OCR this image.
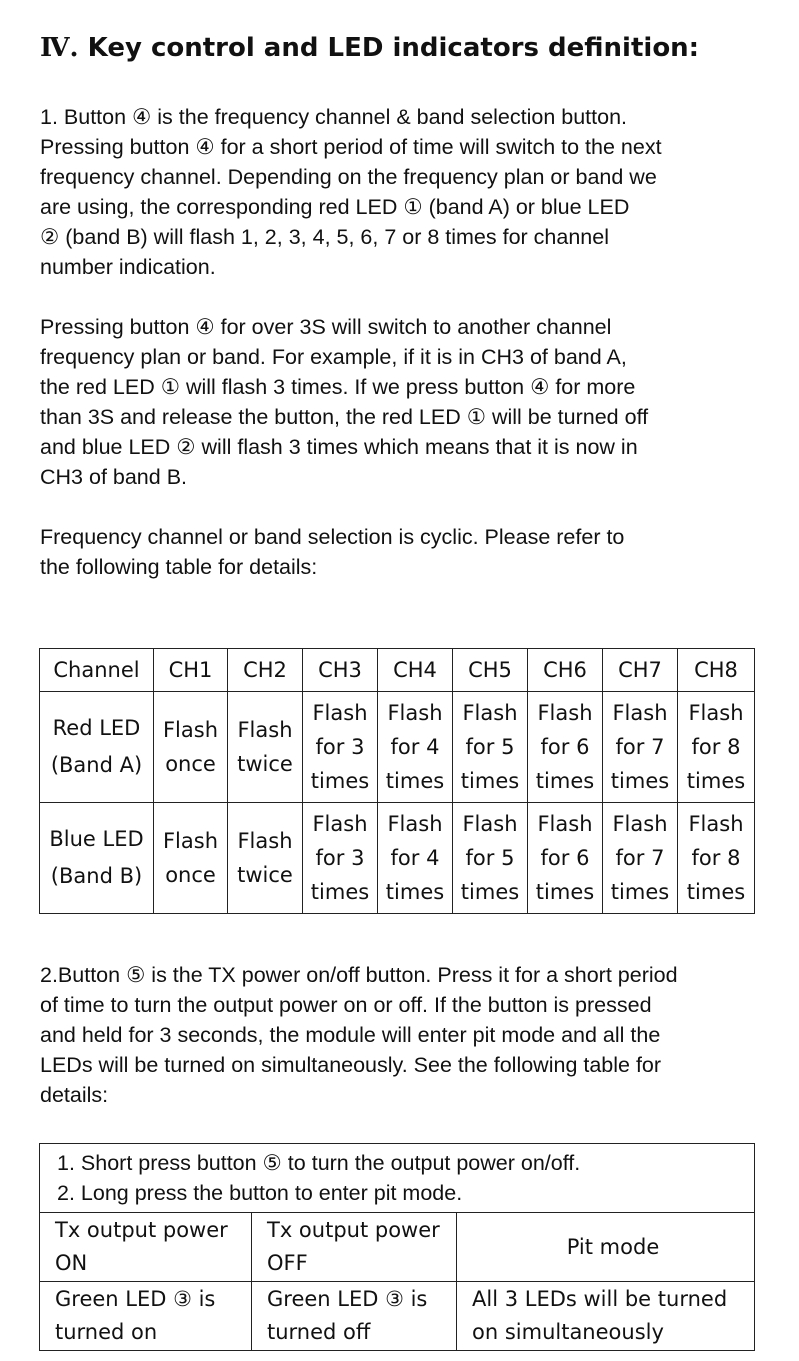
Ⅳ. Key control and LED indicators definition:

1. Button ④ is the frequency channel & band selection button.
Pressing button ④ for a short period of time will switch to the next
frequency channel. Depending on the frequency plan or band we
are using, the corresponding red LED ① (band A) or blue LED
② (band B) will flash 1, 2, 3, 4, 5, 6, 7 or 8 times for channel
number indication.

Pressing button ④ for over 3S will switch to another channel
frequency plan or band. For example, if it is in CH3 of band A,
the red LED ① will flash 3 times. If we press button ④ for more
than 3S and release the button, the red LED ① will be turned off
and blue LED ② will flash 3 times which means that it is now in
CH3 of band B.

Frequency channel or band selection is cyclic. Please refer to
the following table for details:

Channel	CH1	CH2	CH3	CH4	CH5	CH6	CH7	CH8

Red LED
(Band A)	Flash
once	Flash
twice	Flash
for 3
times	Flash
for 4
times	Flash
for 5
times	Flash
for 6
times	Flash
for 7
times	Flash
for 8
times

Blue LED
(Band B)	Flash
once	Flash
twice	Flash
for 3
times	Flash
for 4
times	Flash
for 5
times	Flash
for 6
times	Flash
for 7
times	Flash
for 8
times

2.Button ⑤ is the TX power on/off button. Press it for a short period
of time to turn the output power on or off. If the button is pressed
and held for 3 seconds, the module will enter pit mode and all the
LEDs will be turned on simultaneously. See the following table for
details:

1. Short press button ⑤ to turn the output power on/off.
2. Long press the button to enter pit mode.		

Tx output power
ON	Tx output power
OFF	Pit mode

Green LED ③ is
turned on	Green LED ③ is
turned off	All 3 LEDs will be turned
on simultaneously
